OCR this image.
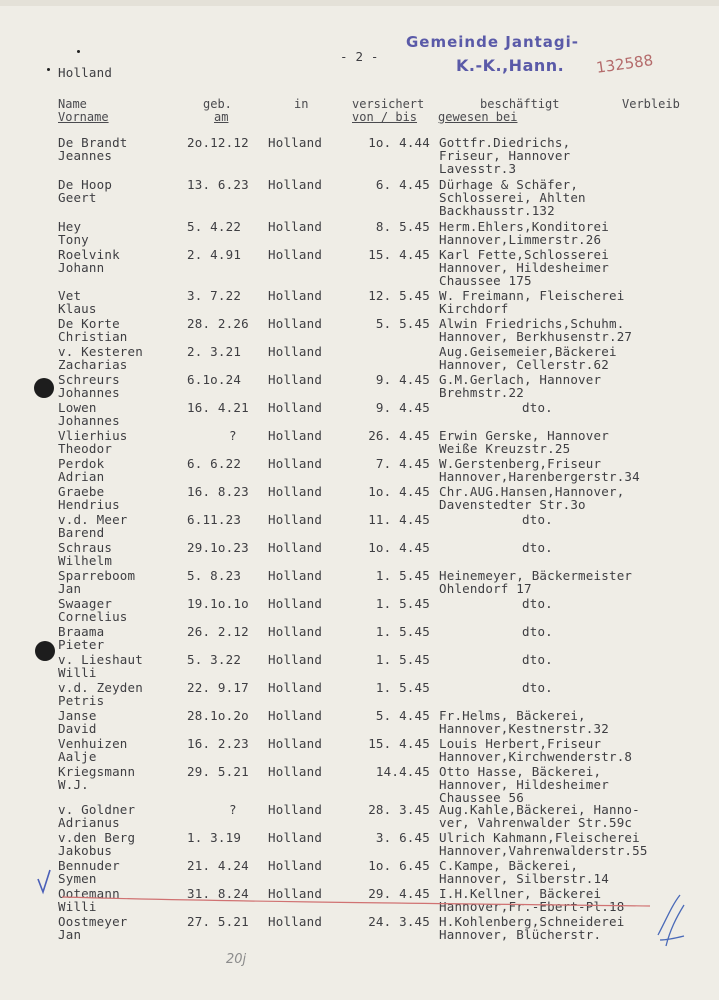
- 2 -
Holland
Gemeinde Jantagi-
K.-K.,Hann. 132588
Name
Vorname
geb.
am
in	versichert
von / bis
beschäftigt
gewesen bei
Verbleib
De Brandt
Jeannes
2o.12.12 Holland	1o. 4.44 Gottfr.Diedrichs,
Friseur, Hannover
Lavesstr.3
De Hoop
Geert
13. 6.23 Holland	6. 4.45 Dürhage & Schäfer,
Schlosserei, Ahlten
Backhausstr.132
Hey
Tony
5. 4.22 Holland	8. 5.45 Herm.Ehlers,Konditorei
Hannover,Limmerstr.26
Roelvink
Johann
2. 4.91 Holland	15. 4.45 Karl Fette,Schlosserei
Hannover, Hildesheimer
Chaussee 175
Vet
Klaus
3. 7.22 Holland	12. 5.45 W. Freimann, Fleischerei
Kirchdorf
De Korte
Christian
28. 2.26 Holland	5. 5.45 Alwin Friedrichs,Schuhm.
Hannover, Berkhusenstr.27
v. Kesteren
Zacharias
2. 3.21 Holland	Aug.Geisemeier,Bäckerei
Hannover, Cellerstr.62
Schreurs
Johannes
6.1o.24 Holland	9. 4.45 G.M.Gerlach, Hannover
Brehmstr.22
Lowen
Johannes
16. 4.21 Holland	9. 4.45	dto.
Vlierhius
Theodor
?	Holland	26. 4.45 Erwin Gerske, Hannover
Weiße Kreuzstr.25
Perdok
Adrian
6. 6.22 Holland	7. 4.45 W.Gerstenberg,Friseur
Hannover,Harenbergerstr.34
Graebe
Hendrius
16. 8.23 Holland	1o. 4.45 Chr.AUG.Hansen,Hannover,
Davenstedter Str.3o
v.d. Meer
Barend
6.11.23 Holland	11. 4.45	dto.
Schraus
Wilhelm
29.1o.23 Holland	1o. 4.45	dto.
Sparreboom
Jan
5. 8.23 Holland	1. 5.45 Heinemeyer, Bäckermeister
Ohlendorf 17
Swaager
Cornelius
19.1o.1o Holland	1. 5.45	dto.
Braama
Pieter
26. 2.12 Holland	1. 5.45	dto.
v. Lieshaut
Willi
5. 3.22 Holland	1. 5.45	dto.
v.d. Zeyden
Petris
22. 9.17 Holland	1. 5.45	dto.
Janse
David
28.1o.2o Holland	5. 4.45 Fr.Helms, Bäckerei,
Hannover,Kestnerstr.32
Venhuizen
Aalje
16. 2.23 Holland	15. 4.45 Louis Herbert,Friseur
Hannover,Kirchwenderstr.8
Kriegsmann
W.J.
29. 5.21 Holland	14.4.45 Otto Hasse, Bäckerei,
Hannover, Hildesheimer
Chaussee 56
v. Goldner
Adrianus
?	Holland	28. 3.45 Aug.Kahle,Bäckerei, Hanno-
ver, Vahrenwalder Str.59c
v.den Berg
Jakobus
1. 3.19 Holland	3. 6.45 Ulrich Kahmann,Fleischerei
Hannover,Vahrenwalderstr.55
Bennuder
Symen
21. 4.24 Holland	1o. 6.45 C.Kampe, Bäckerei,
Hannover, Silberstr.14
Ootemann
Willi
31. 8.24 Holland	29. 4.45 I.H.Kellner, Bäckerei
Hannover,Fr.-Ebert-Pl.18
Oostmeyer
Jan
27. 5.21 Holland	24. 3.45 H.Kohlenberg,Schneiderei
Hannover, Blücherstr.
20j
